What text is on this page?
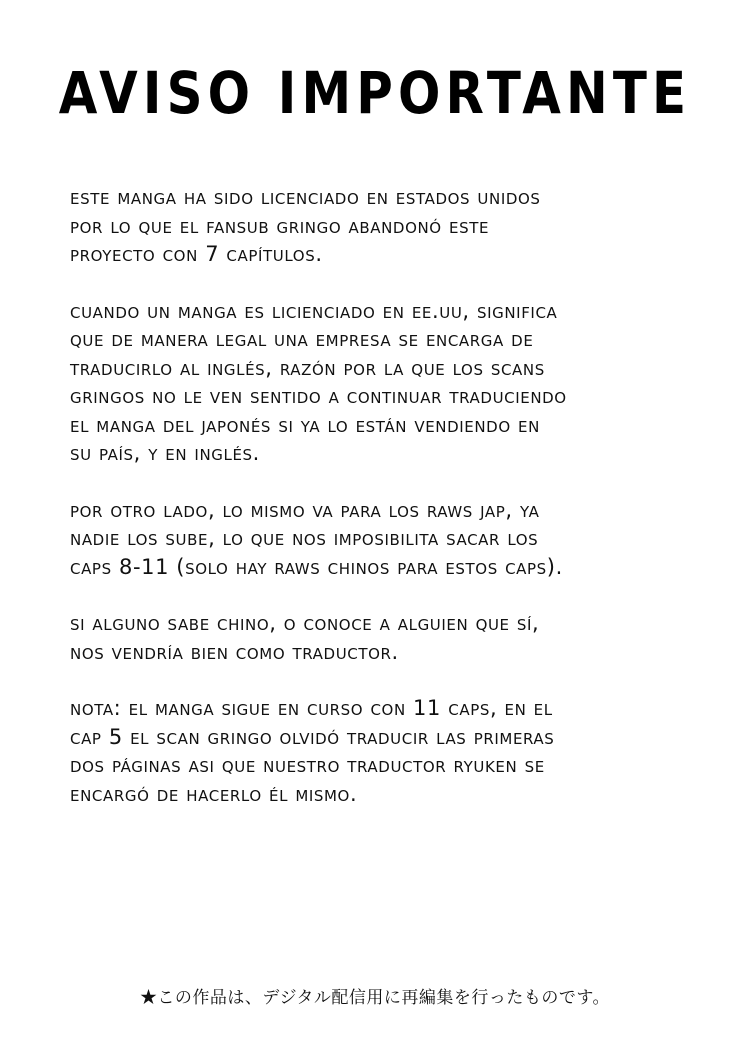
AVISO IMPORTANTE

este manga ha sido licenciado en estados unidos
por lo que el fansub gringo abandonó este
proyecto con 7 capítulos.

cuando un manga es licienciado en ee.uu, significa
que de manera legal una empresa se encarga de
traducirlo al inglés, razón por la que los scans
gringos no le ven sentido a continuar traduciendo
el manga del japonés si ya lo están vendiendo en
su país, y en inglés.

por otro lado, lo mismo va para los raws jap, ya
nadie los sube, lo que nos imposibilita sacar los
caps 8-11 (solo hay raws chinos para estos caps).

si alguno sabe chino, o conoce a alguien que sí,
nos vendría bien como traductor.

nota: el manga sigue en curso con 11 caps, en el
cap 5 el scan gringo olvidó traducir las primeras
dos páginas asi que nuestro traductor ryuken se
encargó de hacerlo él mismo.

★この作品は、デジタル配信用に再編集を行ったものです。
